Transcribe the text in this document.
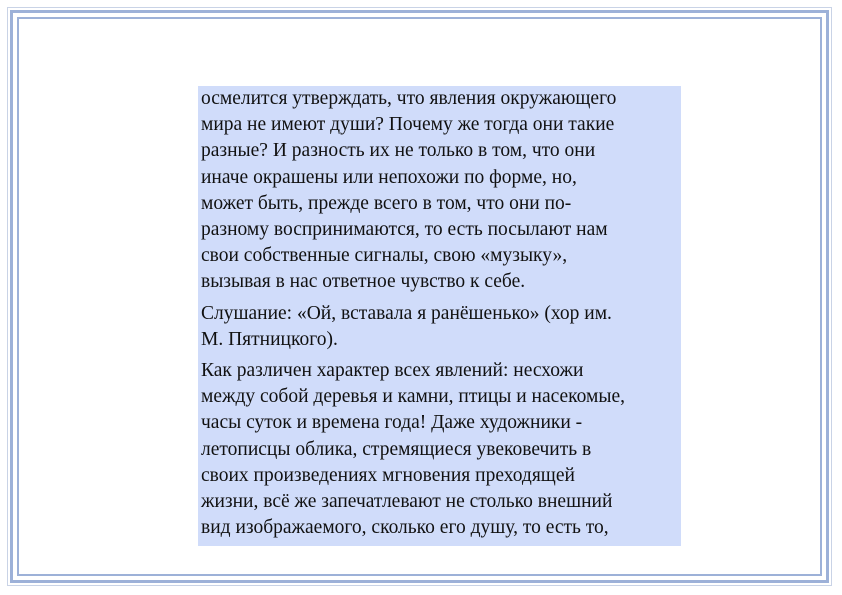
осмелится утверждать, что явления окружающего
мира не имеют души? Почему же тогда они такие
разные? И разность их не только в том, что они
иначе окрашены или непохожи по форме, но,
может быть, прежде всего в том, что они по-
разному воспринимаются, то есть посылают нам
свои собственные сигналы, свою «музыку»,
вызывая в нас ответное чувство к себе.

Слушание: «Ой, вставала я ранёшенько» (хор им.
М. Пятницкого).

Как различен характер всех явлений: несхожи
между собой деревья и камни, птицы и насекомые,
часы суток и времена года! Даже художники -
летописцы облика, стремящиеся увековечить в
своих произведениях мгновения преходящей
жизни, всё же запечатлевают не столько внешний
вид изображаемого, сколько его душу, то есть то,
